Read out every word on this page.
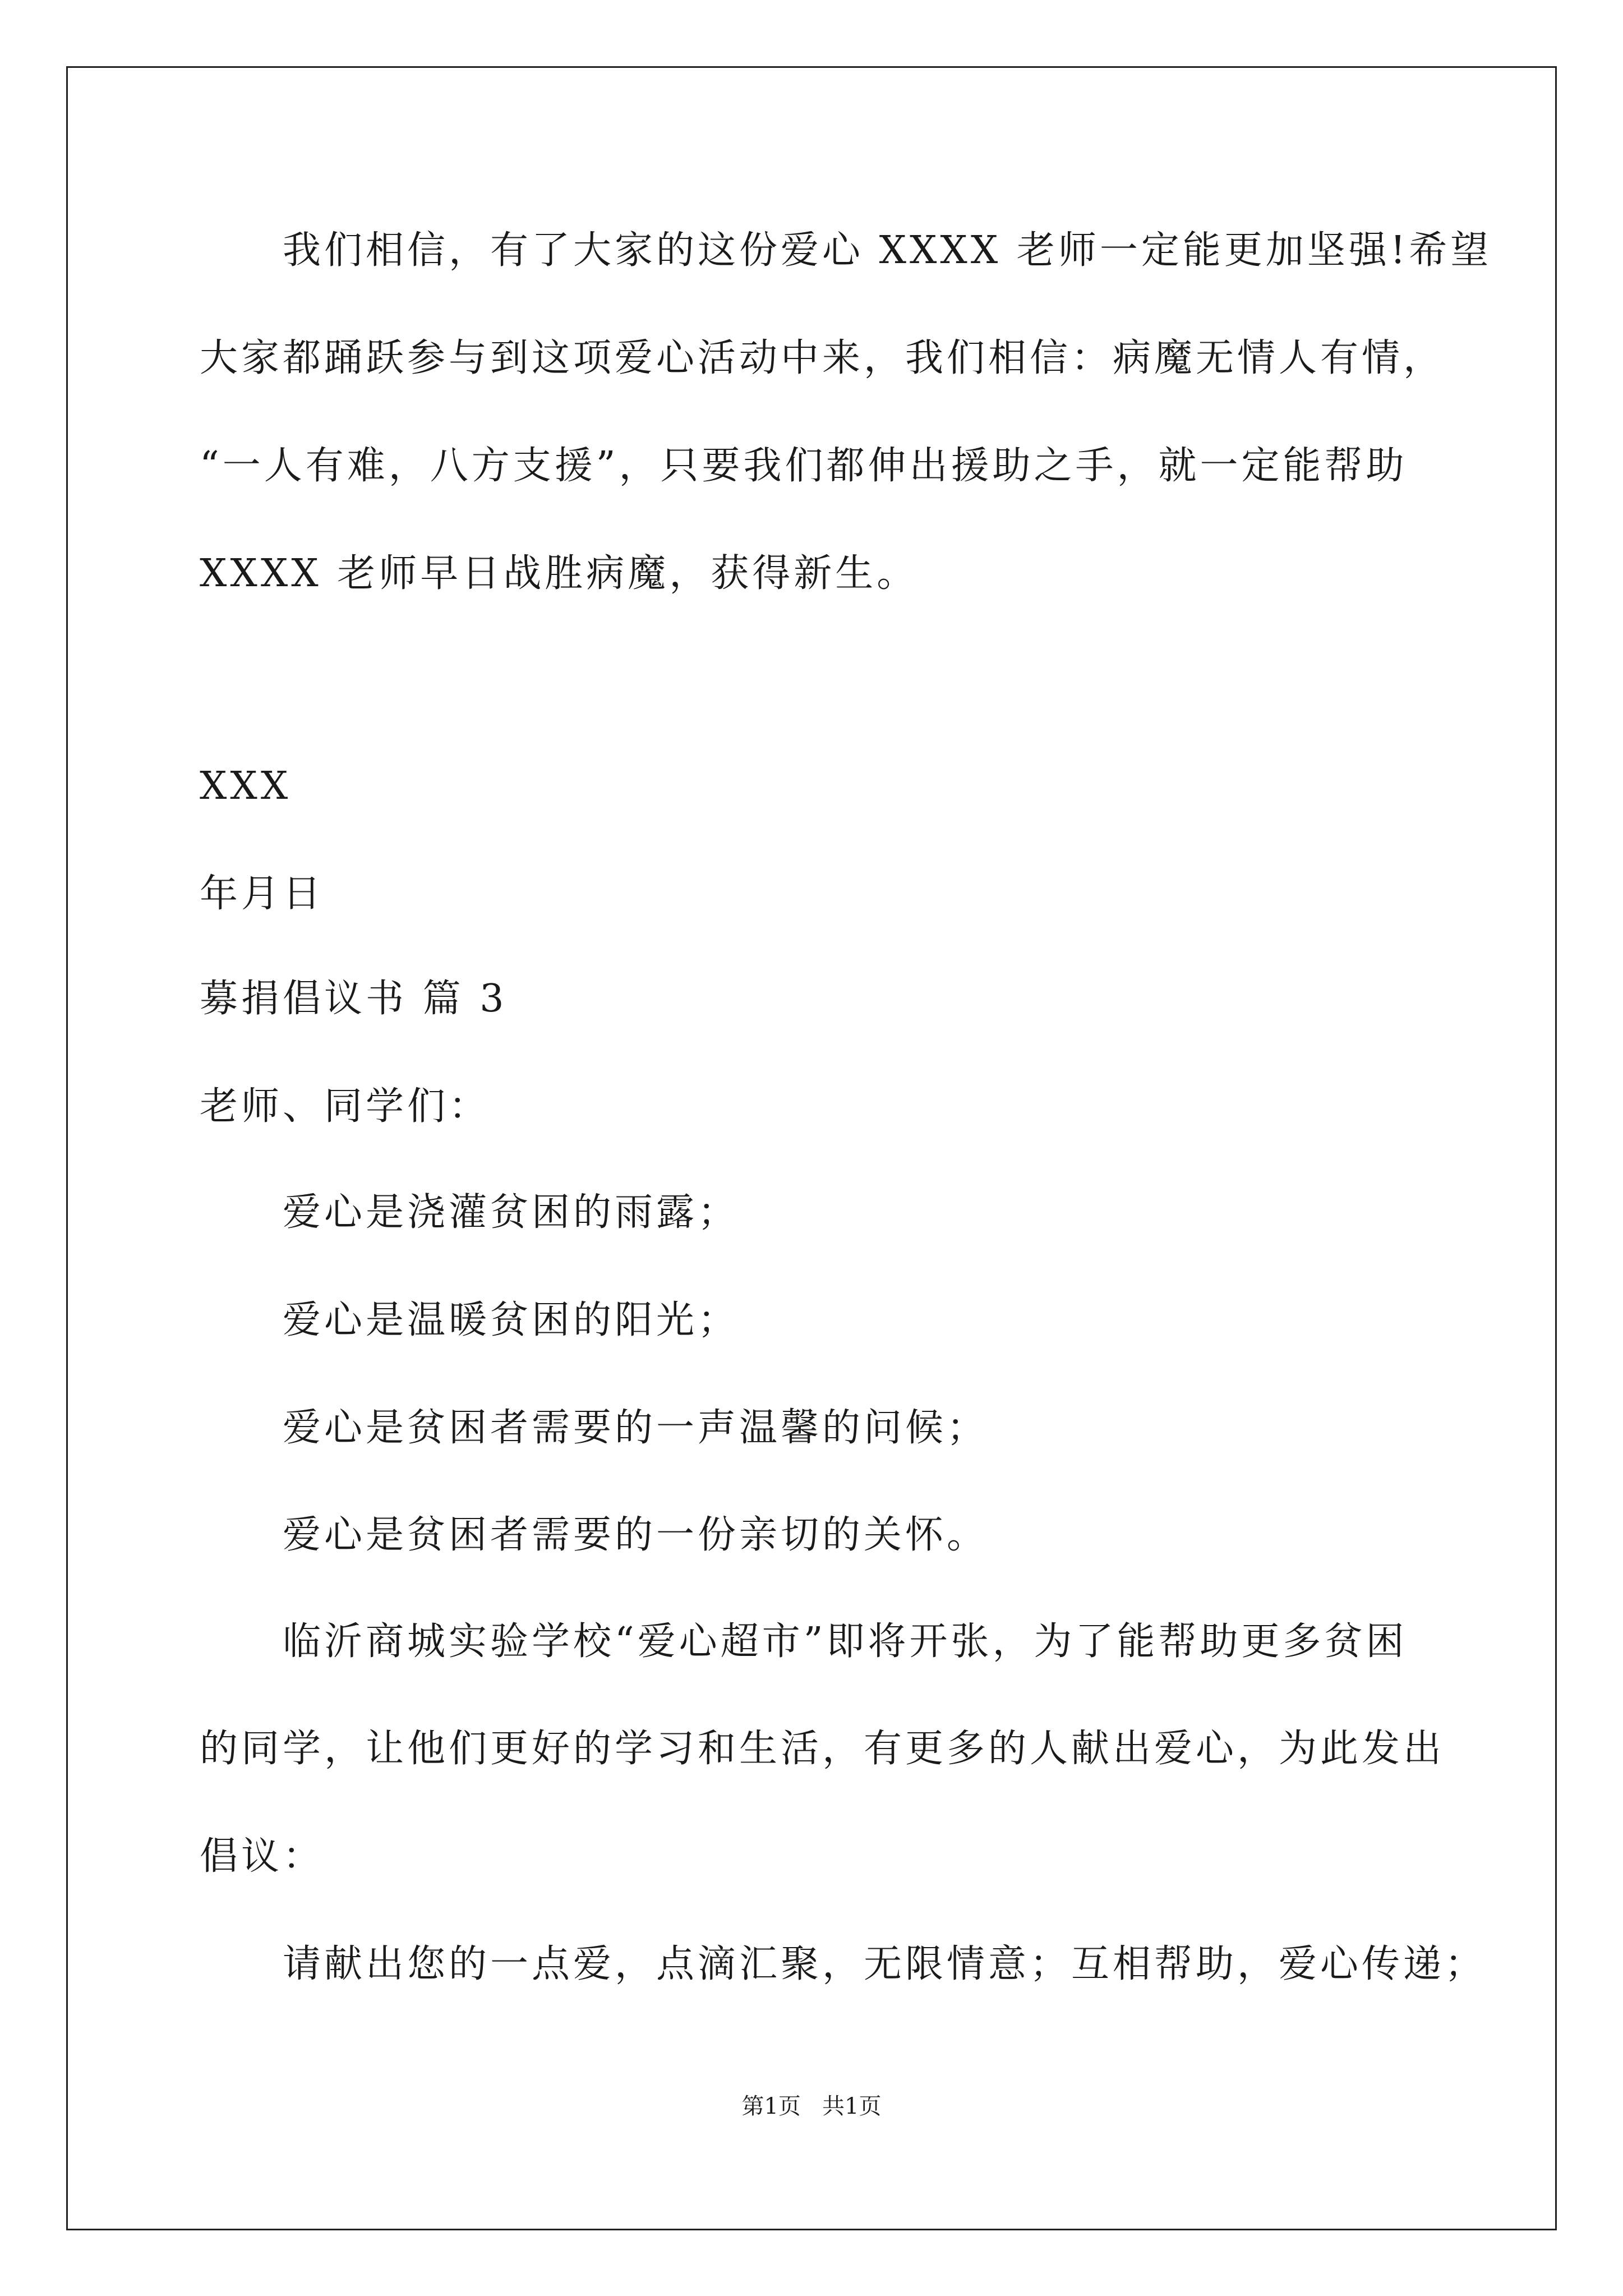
我们相信，有了大家的这份爱心 XXXX 老师一定能更加坚强!希望
大家都踊跃参与到这项爱心活动中来，我们相信：病魔无情人有情，
“一人有难，八方支援”，只要我们都伸出援助之手，就一定能帮助
XXXX 老师早日战胜病魔，获得新生。
XXX
年月日
募捐倡议书 篇 3
老师、同学们：
爱心是浇灌贫困的雨露；
爱心是温暖贫困的阳光；
爱心是贫困者需要的一声温馨的问候；
爱心是贫困者需要的一份亲切的关怀。
临沂商城实验学校“爱心超市”即将开张，为了能帮助更多贫困
的同学，让他们更好的学习和生活，有更多的人献出爱心，为此发出
倡议：
请献出您的一点爱，点滴汇聚，无限情意；互相帮助，爱心传递；
第1页   共1页
